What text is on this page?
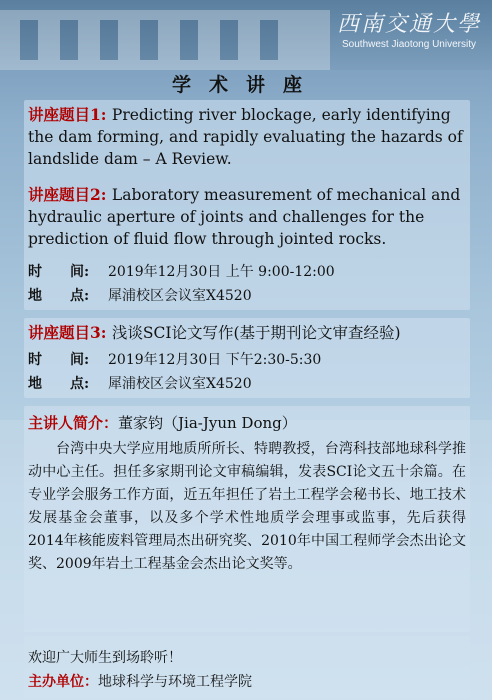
西南交通大學
Southwest Jiaotong University
学术讲座
讲座题目1: Predicting river blockage, early identifying the dam forming, and rapidly evaluating the hazards of landslide dam – A Review.
讲座题目2: Laboratory measurement of mechanical and hydraulic aperture of joints and challenges for the prediction of fluid flow through jointed rocks.
时　　间:2019年12月30日 上午 9:00-12:00
地　　点:犀浦校区会议室X4520
讲座题目3: 浅谈SCI论文写作(基于期刊论文审查经验)
时　　间:2019年12月30日 下午2:30-5:30
地　　点:犀浦校区会议室X4520
主讲人简介：董家钧（Jia-Jyun Dong）
台湾中央大学应用地质所所长、特聘教授，台湾科技部地球科学推动中心主任。担任多家期刊论文审稿编辑，发表SCI论文五十余篇。在专业学会服务工作方面，近五年担任了岩土工程学会秘书长、地工技术发展基金会董事，以及多个学术性地质学会理事或监事，先后获得2014年核能废料管理局杰出研究奖、2010年中国工程师学会杰出论文奖、2009年岩土工程基金会杰出论文奖等。
欢迎广大师生到场聆听！
主办单位：地球科学与环境工程学院
